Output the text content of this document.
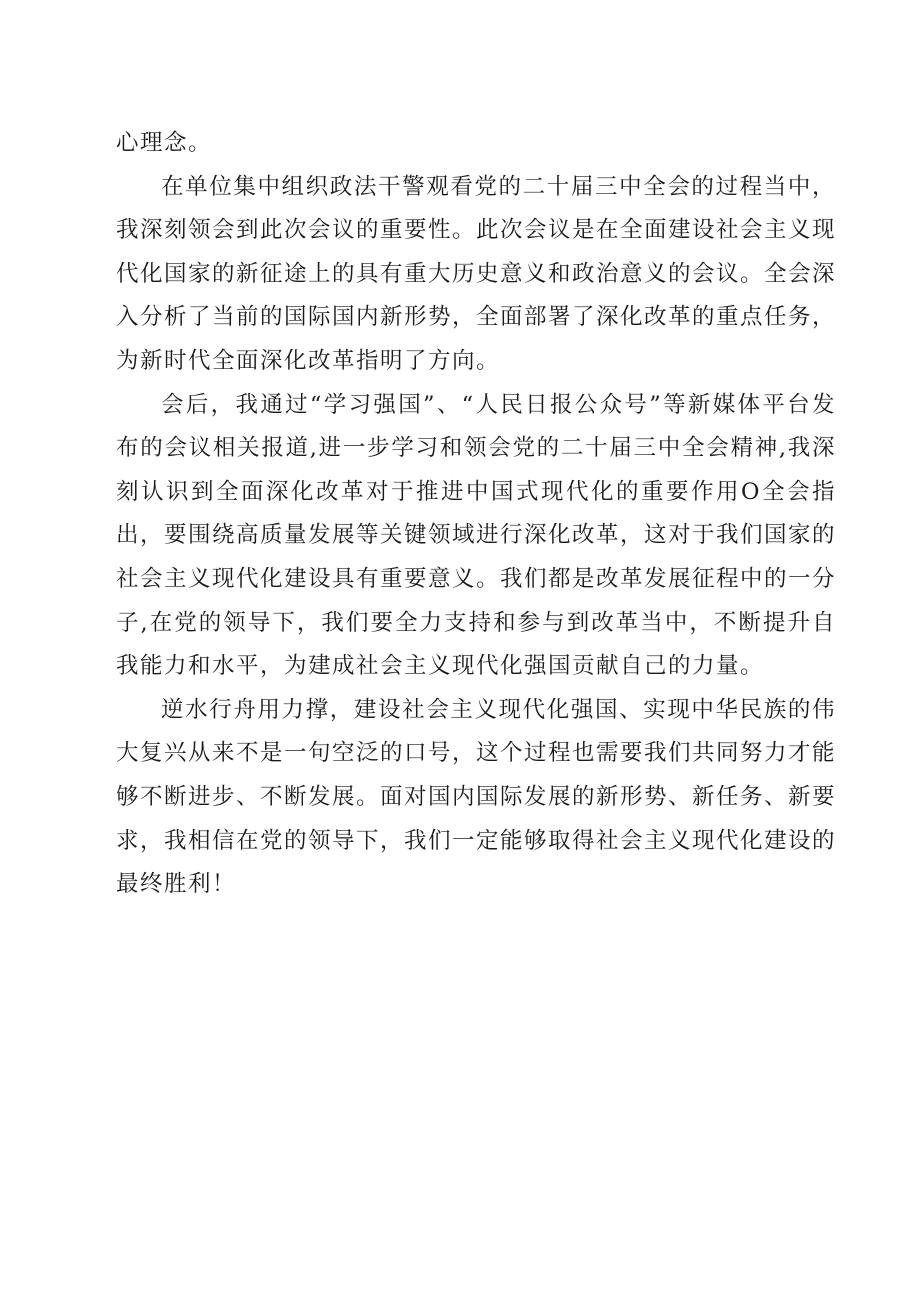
心理念。

在单位集中组织政法干警观看党的二十届三中全会的过程当中，我深刻领会到此次会议的重要性。此次会议是在全面建设社会主义现代化国家的新征途上的具有重大历史意义和政治意义的会议。全会深入分析了当前的国际国内新形势，全面部署了深化改革的重点任务，为新时代全面深化改革指明了方向。

会后，我通过“学习强国”、“人民日报公众号”等新媒体平台发布的会议相关报道,进一步学习和领会党的二十届三中全会精神,我深刻认识到全面深化改革对于推进中国式现代化的重要作用O全会指出，要围绕高质量发展等关键领域进行深化改革，这对于我们国家的社会主义现代化建设具有重要意义。我们都是改革发展征程中的一分子,在党的领导下，我们要全力支持和参与到改革当中，不断提升自我能力和水平，为建成社会主义现代化强国贡献自己的力量。

逆水行舟用力撑，建设社会主义现代化强国、实现中华民族的伟大复兴从来不是一句空泛的口号，这个过程也需要我们共同努力才能够不断进步、不断发展。面对国内国际发展的新形势、新任务、新要求，我相信在党的领导下，我们一定能够取得社会主义现代化建设的最终胜利！
